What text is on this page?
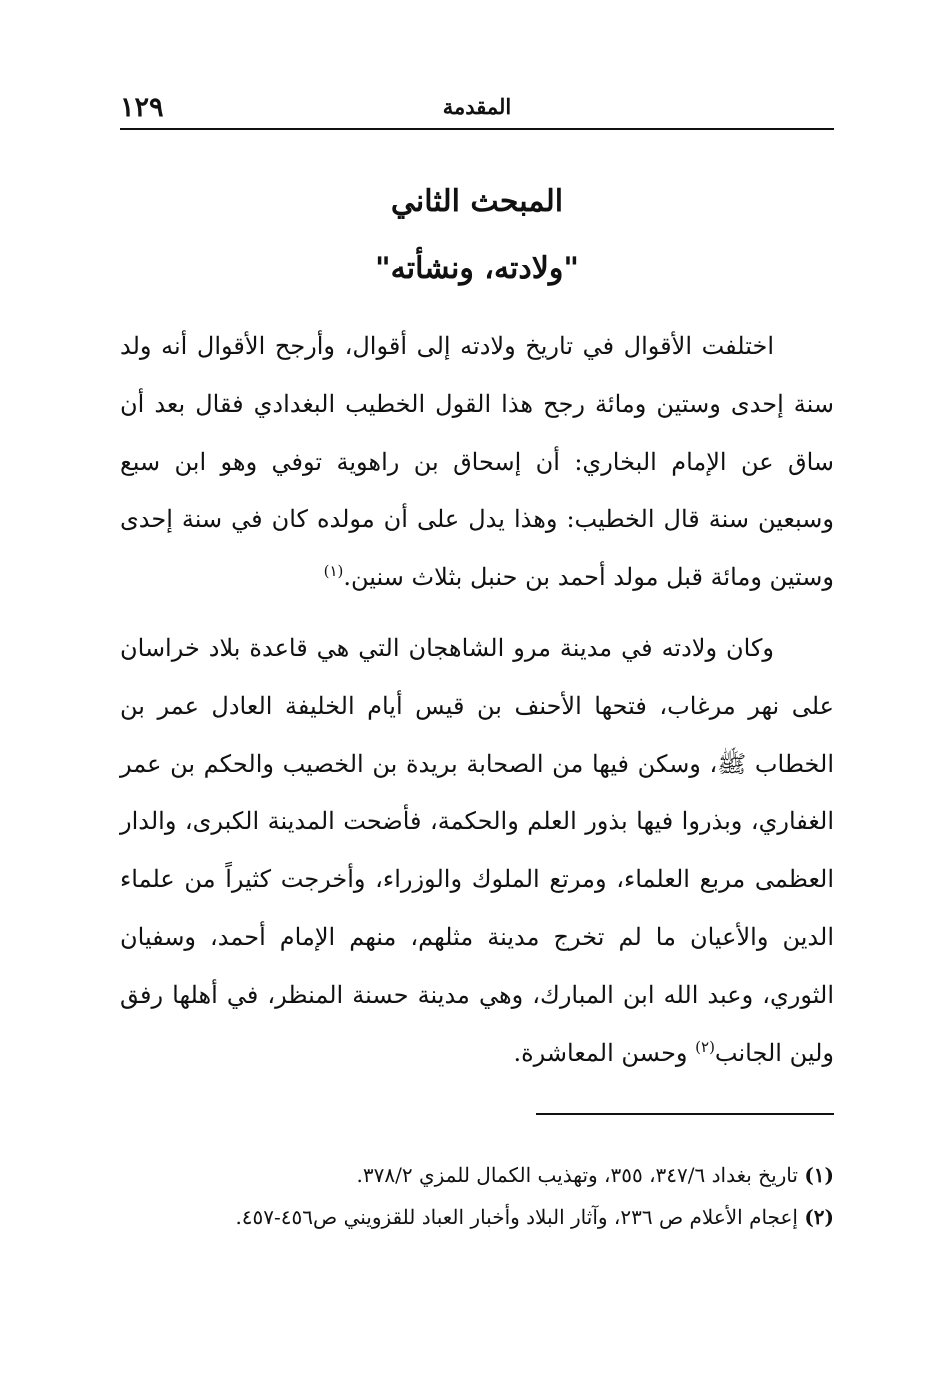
١٢٩	المقدمة
المبحث الثاني
"ولادته، ونشأته"

اختلفت الأقوال في تاريخ ولادته إلى أقوال، وأرجح الأقوال أنه ولد سنة إحدى وستين ومائة رجح هذا القول الخطيب البغدادي فقال بعد أن ساق عن الإمام البخاري: أن إسحاق بن راهوية توفي وهو ابن سبع وسبعين سنة قال الخطيب: وهذا يدل على أن مولده كان في سنة إحدى وستين ومائة قبل مولد أحمد بن حنبل بثلاث سنين.$^{(١)}$

وكان ولادته في مدينة مرو الشاهجان التي هي قاعدة بلاد خراسان على نهر مرغاب، فتحها الأحنف بن قيس أيام الخليفة العادل عمر بن الخطاب ﷺ، وسكن فيها من الصحابة بريدة بن الخصيب والحكم بن عمر الغفاري، وبذروا فيها بذور العلم والحكمة، فأضحت المدينة الكبرى، والدار العظمى مربع العلماء، ومرتع الملوك والوزراء، وأخرجت كثيراً من علماء الدين والأعيان ما لم تخرج مدينة مثلهم، منهم الإمام أحمد، وسفيان الثوري، وعبد الله ابن المبارك، وهي مدينة حسنة المنظر، في أهلها رفق ولين الجانب$^{(٢)}$ وحسن المعاشرة.

(١) تاريخ بغداد ٣٤٧/٦، ٣٥٥، وتهذيب الكمال للمزي ٣٧٨/٢.

(٢) إعجام الأعلام ص ٢٣٦، وآثار البلاد وأخبار العباد للقزويني ص٤٥٦-٤٥٧.
